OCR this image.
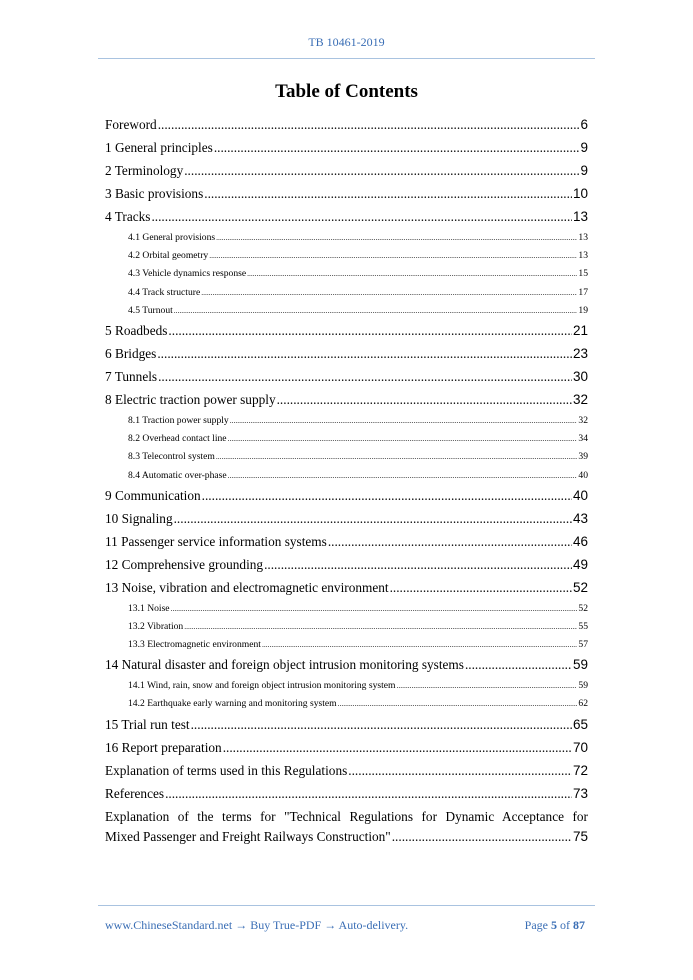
TB 10461-2019
Table of Contents
Foreword .....	6
1 General principles .....	9
2 Terminology .....	9
3 Basic provisions .....	10
4 Tracks .....	13
4.1 General provisions .....	13
4.2 Orbital geometry .....	13
4.3 Vehicle dynamics response .....	15
4.4 Track structure .....	17
4.5 Turnout .....	19
5 Roadbeds .....	21
6 Bridges .....	23
7 Tunnels .....	30
8 Electric traction power supply .....	32
8.1 Traction power supply .....	32
8.2 Overhead contact line .....	34
8.3 Telecontrol system .....	39
8.4 Automatic over-phase .....	40
9 Communication .....	40
10 Signaling .....	43
11 Passenger service information systems .....	46
12 Comprehensive grounding .....	49
13 Noise, vibration and electromagnetic environment .....	52
13.1 Noise .....	52
13.2 Vibration .....	55
13.3 Electromagnetic environment .....	57
14 Natural disaster and foreign object intrusion monitoring systems .....	59
14.1 Wind, rain, snow and foreign object intrusion monitoring system .....	59
14.2 Earthquake early warning and monitoring system .....	62
15 Trial run test .....	65
16 Report preparation .....	70
Explanation of terms used in this Regulations .....	72
References .....	73
Explanation of the terms for "Technical Regulations for Dynamic Acceptance for
Mixed Passenger and Freight Railways Construction" .....	75
www.ChineseStandard.net → Buy True-PDF → Auto-delivery.	Page 5 of 87
